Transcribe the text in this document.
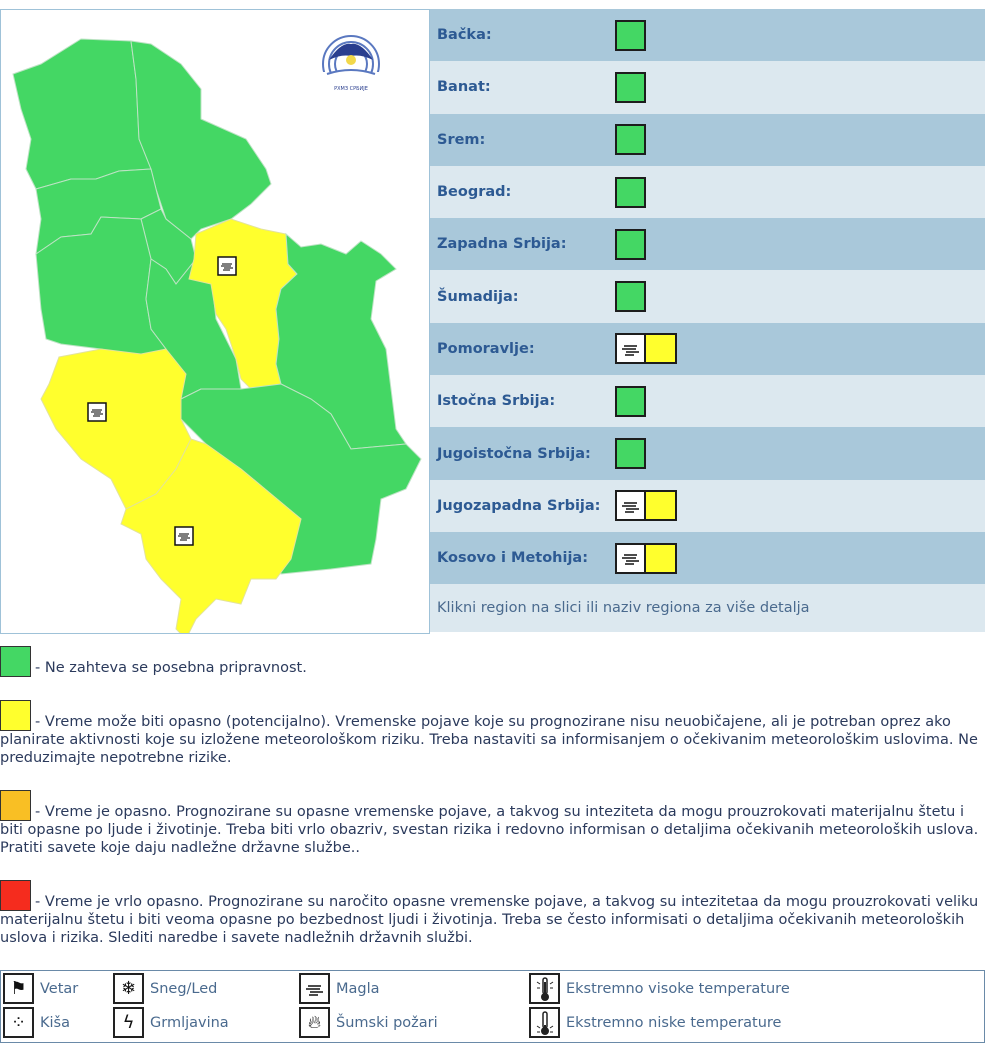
РХМЗ СРБИЈЕ
Bačka:
Banat:
Srem:
Beograd:
Zapadna Srbija:
Šumadija:
Pomoravlje:
Istočna Srbija:
Jugoistočna Srbija:
Jugozapadna Srbija:
Kosovo i Metohija:
Klikni region na slici ili naziv regiona za više detalja
- Ne zahteva se posebna pripravnost.
- Vreme može biti opasno (potencijalno). Vremenske pojave koje su prognozirane nisu neuobičajene, ali je potreban oprez ako planirate aktivnosti koje su izložene meteorološkom riziku. Treba nastaviti sa informisanjem o očekivanim meteorološkim uslovima. Ne preduzimajte nepotrebne rizike.
- Vreme je opasno. Prognozirane su opasne vremenske pojave, a takvog su inteziteta da mogu prouzrokovati materijalnu štetu i biti opasne po ljude i životinje. Treba biti vrlo obazriv, svestan rizika i redovno informisan o detaljima očekivanih meteoroloških uslova. Pratiti savete koje daju nadležne državne službe..
- Vreme je vrlo opasno. Prognozirane su naročito opasne vremenske pojave, a takvog su intezitetaa da mogu prouzrokovati veliku materijalnu štetu i biti veoma opasne po bezbednost ljudi i životinja. Treba se često informisati o detaljima očekivanih meteoroloških uslova i rizika. Slediti naredbe i savete nadležnih državnih službi.
⚑ Vetar
⁘ Kiša
❄ Sneg/Led
ϟ	Grmljavina
Magla
🔥︎	Šumski požari
Ekstremno visoke temperature
Ekstremno niske temperature
